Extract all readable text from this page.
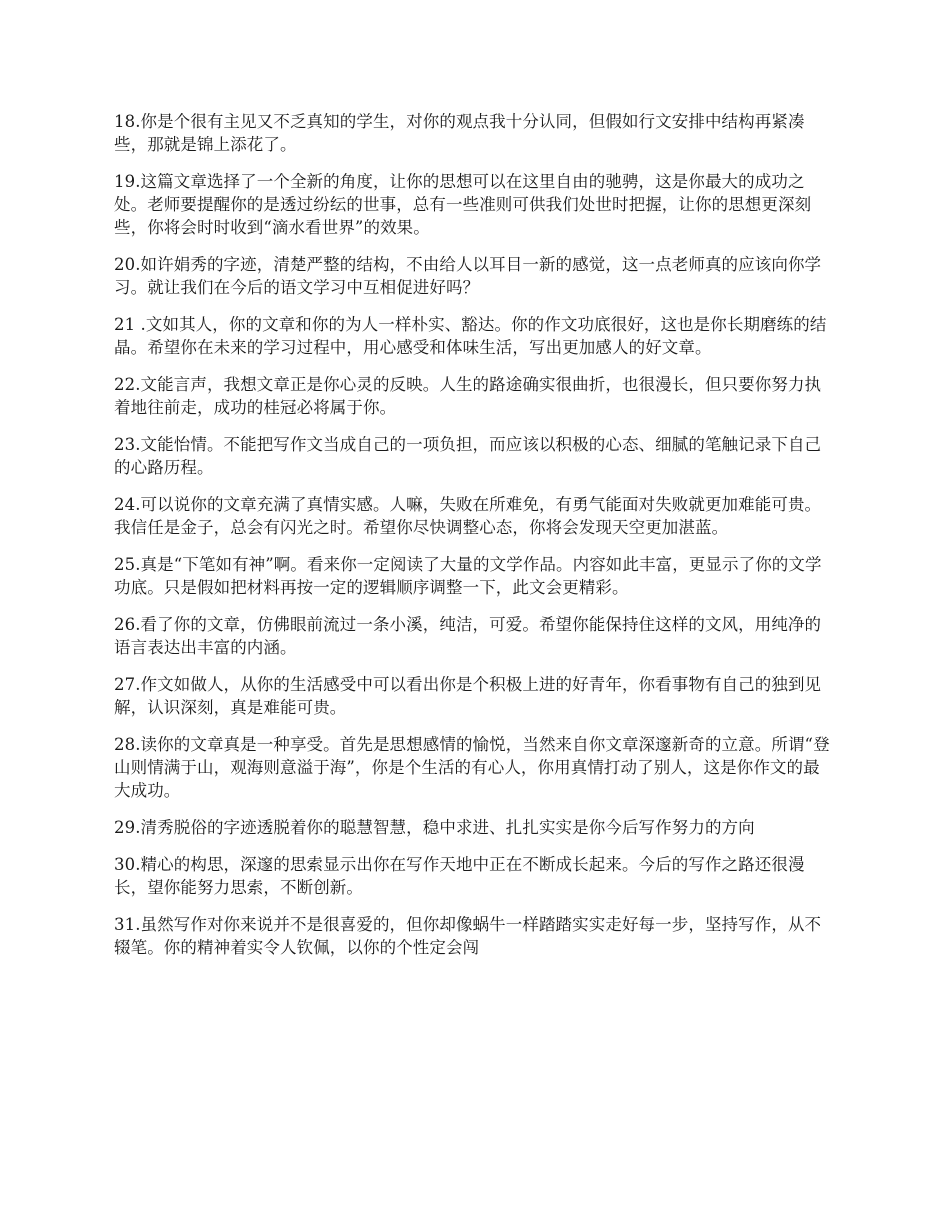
18.你是个很有主见又不乏真知的学生，对你的观点我十分认同，但假如行文安排中结构再紧凑些，那就是锦上添花了。

19.这篇文章选择了一个全新的角度，让你的思想可以在这里自由的驰骋，这是你最大的成功之处。老师要提醒你的是透过纷纭的世事，总有一些准则可供我们处世时把握，让你的思想更深刻些，你将会时时收到“滴水看世界”的效果。

20.如许娟秀的字迹，清楚严整的结构，不由给人以耳目一新的感觉，这一点老师真的应该向你学习。就让我们在今后的语文学习中互相促进好吗？

21 .文如其人，你的文章和你的为人一样朴实、豁达。你的作文功底很好，这也是你长期磨练的结晶。希望你在未来的学习过程中，用心感受和体味生活，写出更加感人的好文章。

22.文能言声，我想文章正是你心灵的反映。人生的路途确实很曲折，也很漫长，但只要你努力执着地往前走，成功的桂冠必将属于你。

23.文能怡情。不能把写作文当成自己的一项负担，而应该以积极的心态、细腻的笔触记录下自己的心路历程。

24.可以说你的文章充满了真情实感。人嘛，失败在所难免，有勇气能面对失败就更加难能可贵。我信任是金子，总会有闪光之时。希望你尽快调整心态，你将会发现天空更加湛蓝。

25.真是“下笔如有神”啊。看来你一定阅读了大量的文学作品。内容如此丰富，更显示了你的文学功底。只是假如把材料再按一定的逻辑顺序调整一下，此文会更精彩。

26.看了你的文章，仿佛眼前流过一条小溪，纯洁，可爱。希望你能保持住这样的文风，用纯净的语言表达出丰富的内涵。

27.作文如做人，从你的生活感受中可以看出你是个积极上进的好青年，你看事物有自己的独到见解，认识深刻，真是难能可贵。

28.读你的文章真是一种享受。首先是思想感情的愉悦，当然来自你文章深邃新奇的立意。所谓“登山则情满于山，观海则意溢于海”，你是个生活的有心人，你用真情打动了别人，这是你作文的最大成功。

29.清秀脱俗的字迹透脱着你的聪慧智慧，稳中求进、扎扎实实是你今后写作努力的方向

30.精心的构思，深邃的思索显示出你在写作天地中正在不断成长起来。今后的写作之路还很漫长，望你能努力思索，不断创新。

31.虽然写作对你来说并不是很喜爱的，但你却像蜗牛一样踏踏实实走好每一步，坚持写作，从不辍笔。你的精神着实令人钦佩，以你的个性定会闯
